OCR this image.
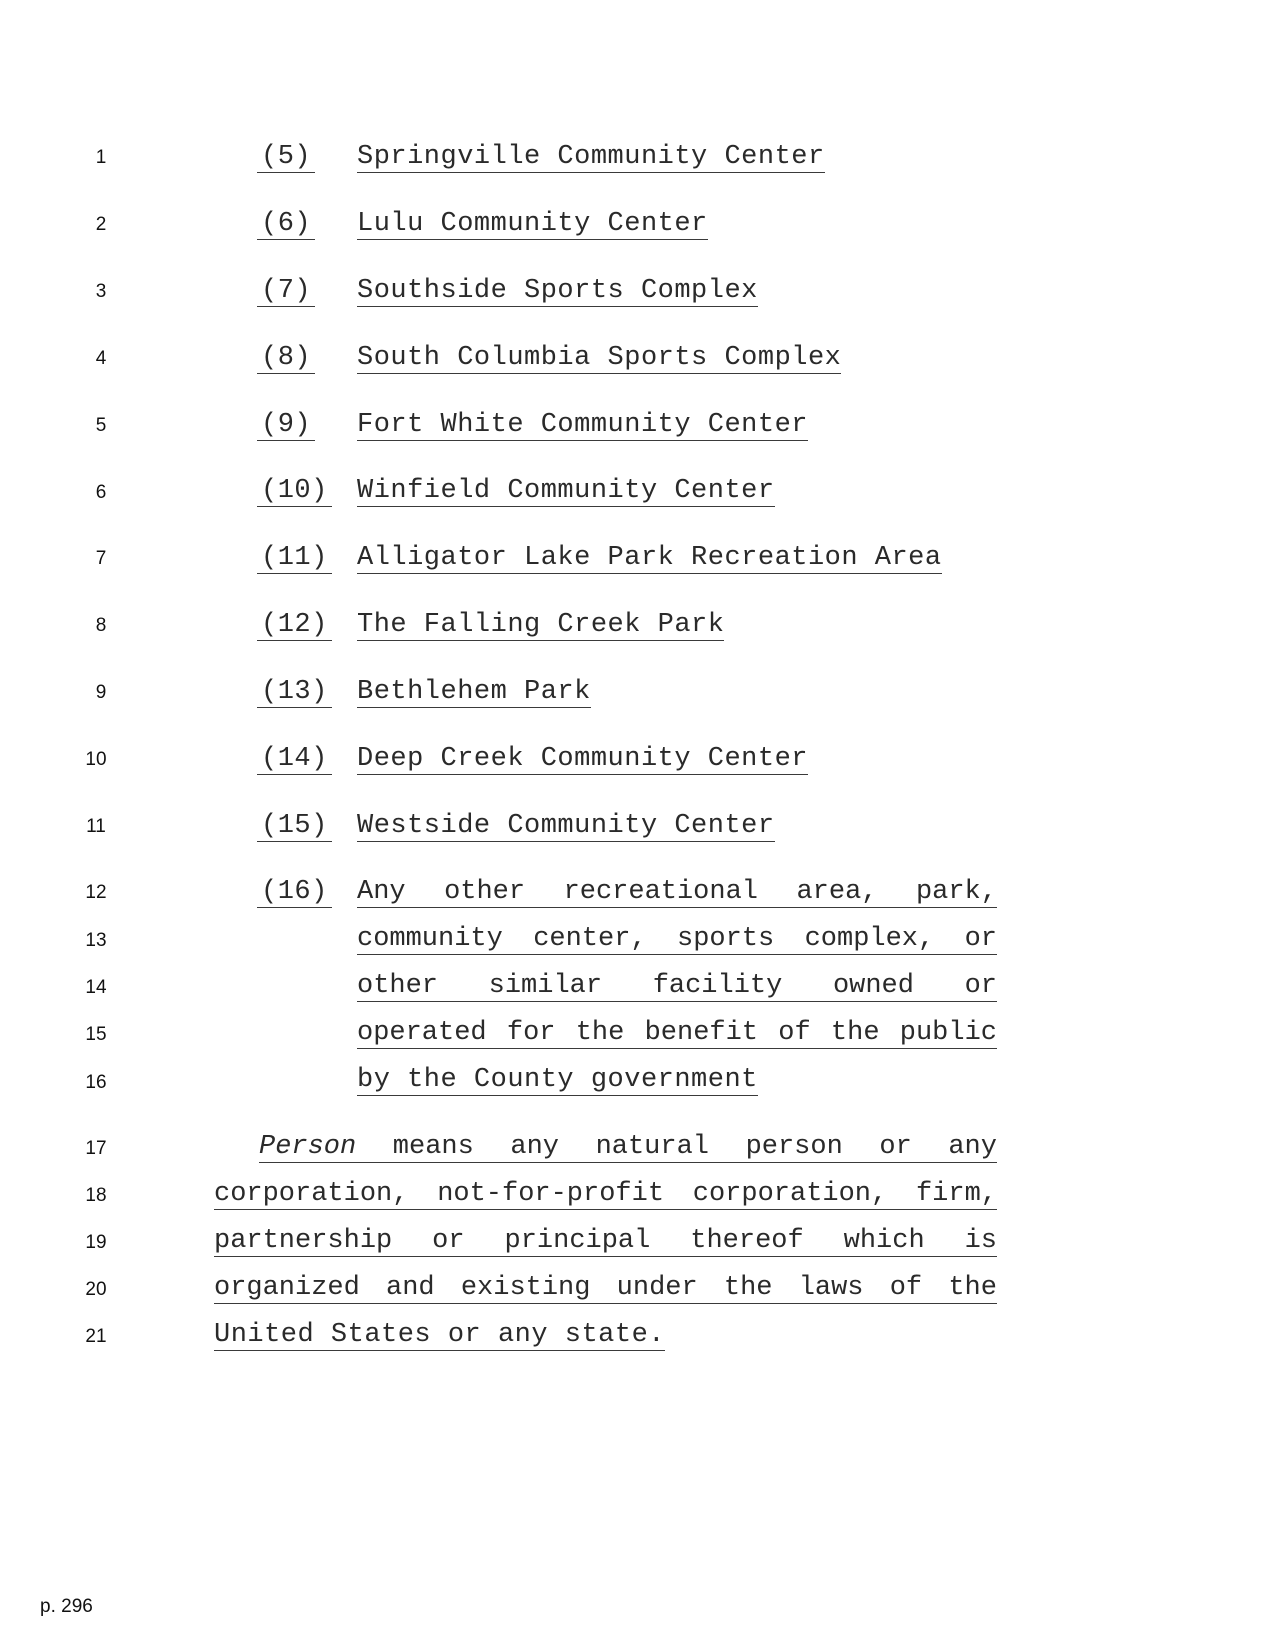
1
2
3
4
5
6
7
8
9
10
11
12
13
14
15
16
17
18
19
20
21
(5) Springville Community Center
(6) Lulu Community Center
(7) Southside Sports Complex
(8) South Columbia Sports Complex
(9) Fort White Community Center
(10) Winfield Community Center
(11) Alligator Lake Park Recreation Area
(12) The Falling Creek Park
(13) Bethlehem Park
(14) Deep Creek Community Center
(15) Westside Community Center
(16) Any other recreational area, park,
community center, sports complex, or
other similar facility owned or
operated for the benefit of the public
by the County government
Person means any natural person or any
corporation, not-for-profit corporation, firm,
partnership or principal thereof which is
organized and existing under the laws of the
United States or any state.
p. 296
